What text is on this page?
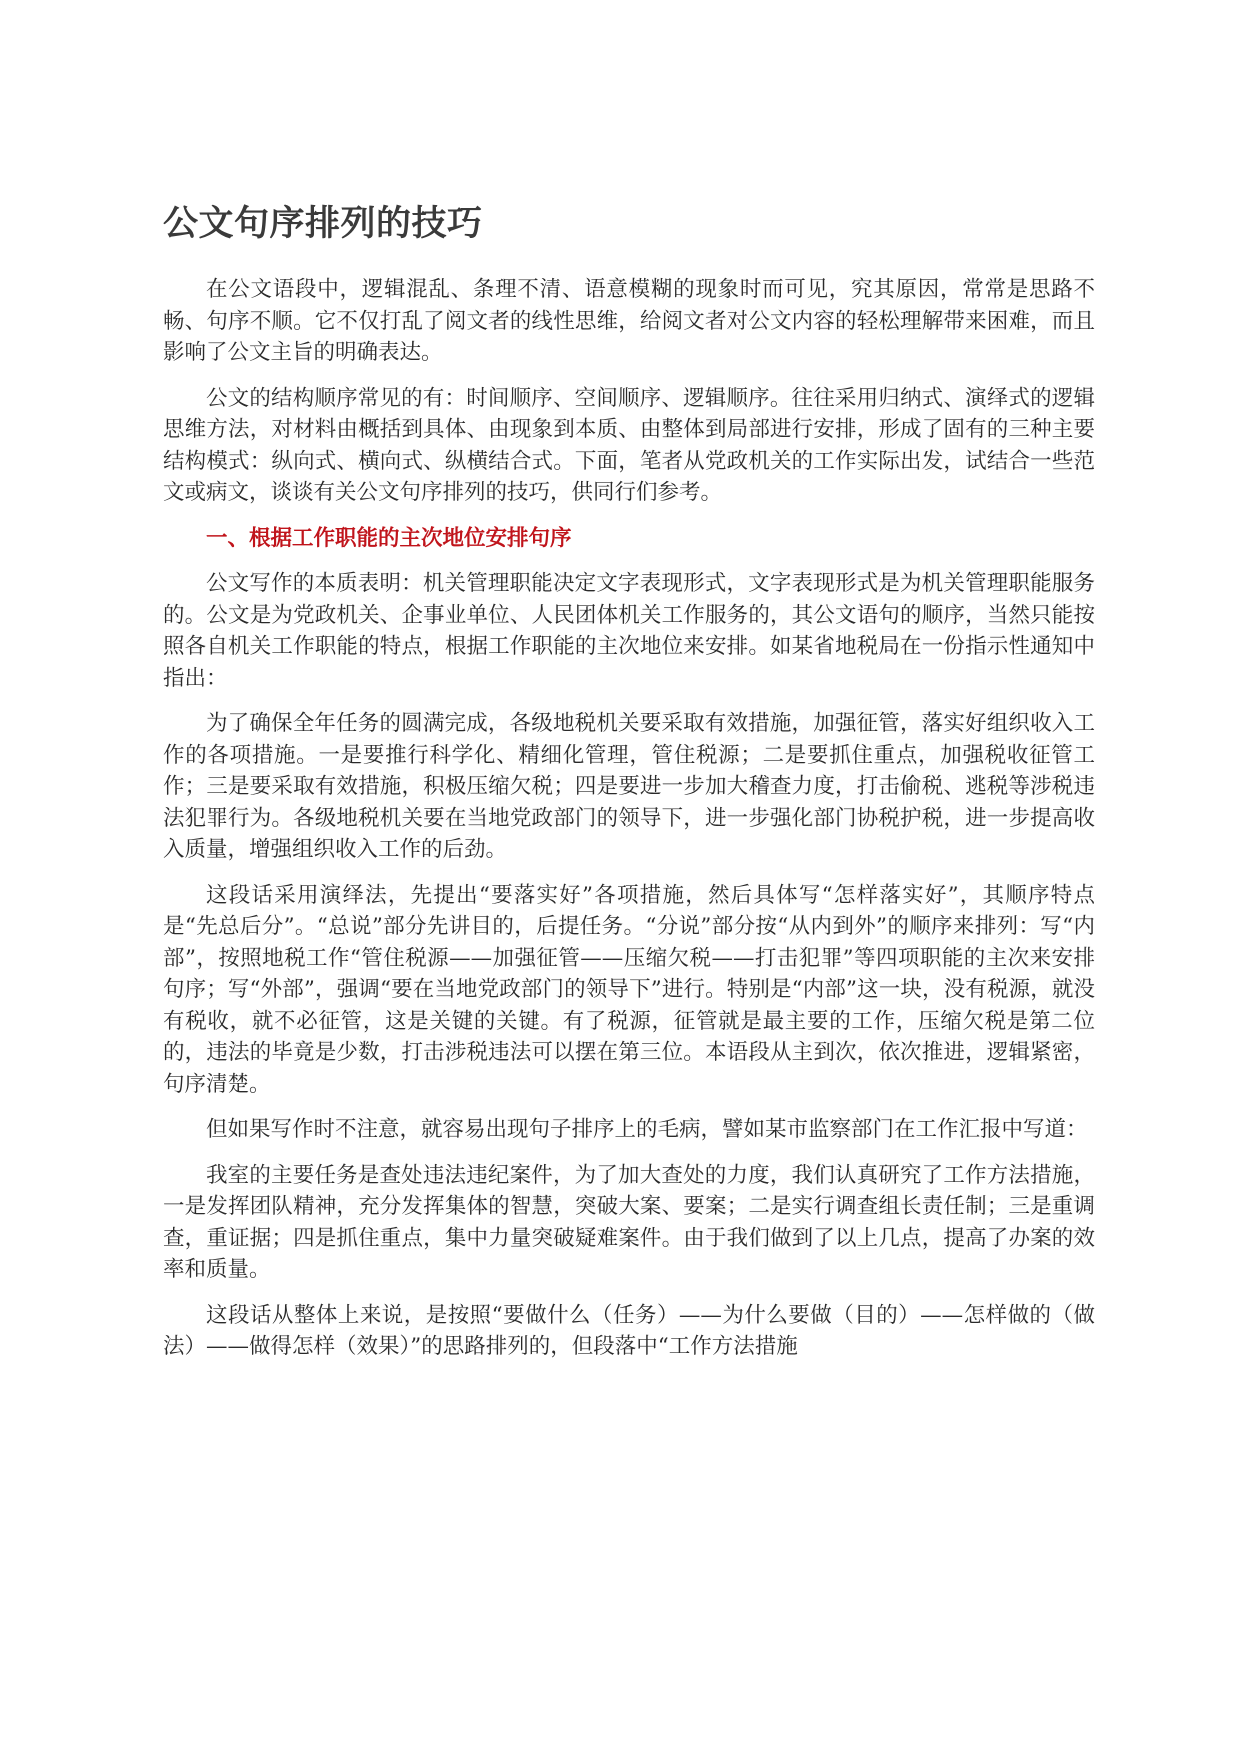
公文句序排列的技巧

在公文语段中，逻辑混乱、条理不清、语意模糊的现象时而可见，究其原因，常常是思路不畅、句序不顺。它不仅打乱了阅文者的线性思维，给阅文者对公文内容的轻松理解带来困难，而且影响了公文主旨的明确表达。

公文的结构顺序常见的有：时间顺序、空间顺序、逻辑顺序。往往采用归纳式、演绎式的逻辑思维方法，对材料由概括到具体、由现象到本质、由整体到局部进行安排，形成了固有的三种主要结构模式：纵向式、横向式、纵横结合式。下面，笔者从党政机关的工作实际出发，试结合一些范文或病文，谈谈有关公文句序排列的技巧，供同行们参考。

一、根据工作职能的主次地位安排句序

公文写作的本质表明：机关管理职能决定文字表现形式，文字表现形式是为机关管理职能服务的。公文是为党政机关、企事业单位、人民团体机关工作服务的，其公文语句的顺序，当然只能按照各自机关工作职能的特点，根据工作职能的主次地位来安排。如某省地税局在一份指示性通知中指出：

为了确保全年任务的圆满完成，各级地税机关要采取有效措施，加强征管，落实好组织收入工作的各项措施。一是要推行科学化、精细化管理，管住税源；二是要抓住重点，加强税收征管工作；三是要采取有效措施，积极压缩欠税；四是要进一步加大稽查力度，打击偷税、逃税等涉税违法犯罪行为。各级地税机关要在当地党政部门的领导下，进一步强化部门协税护税，进一步提高收入质量，增强组织收入工作的后劲。

这段话采用演绎法，先提出“要落实好”各项措施，然后具体写“怎样落实好”，其顺序特点是“先总后分”。“总说”部分先讲目的，后提任务。“分说”部分按“从内到外”的顺序来排列：写“内部”，按照地税工作“管住税源——加强征管——压缩欠税——打击犯罪”等四项职能的主次来安排句序；写“外部”，强调“要在当地党政部门的领导下”进行。特别是“内部”这一块，没有税源，就没有税收，就不必征管，这是关键的关键。有了税源，征管就是最主要的工作，压缩欠税是第二位的，违法的毕竟是少数，打击涉税违法可以摆在第三位。本语段从主到次，依次推进，逻辑紧密，句序清楚。

但如果写作时不注意，就容易出现句子排序上的毛病，譬如某市监察部门在工作汇报中写道：

我室的主要任务是查处违法违纪案件，为了加大查处的力度，我们认真研究了工作方法措施，一是发挥团队精神，充分发挥集体的智慧，突破大案、要案；二是实行调查组长责任制；三是重调查，重证据；四是抓住重点，集中力量突破疑难案件。由于我们做到了以上几点，提高了办案的效率和质量。

这段话从整体上来说，是按照“要做什么（任务）——为什么要做（目的）——怎样做的（做法）——做得怎样（效果）”的思路排列的，但段落中“工作方法措施
